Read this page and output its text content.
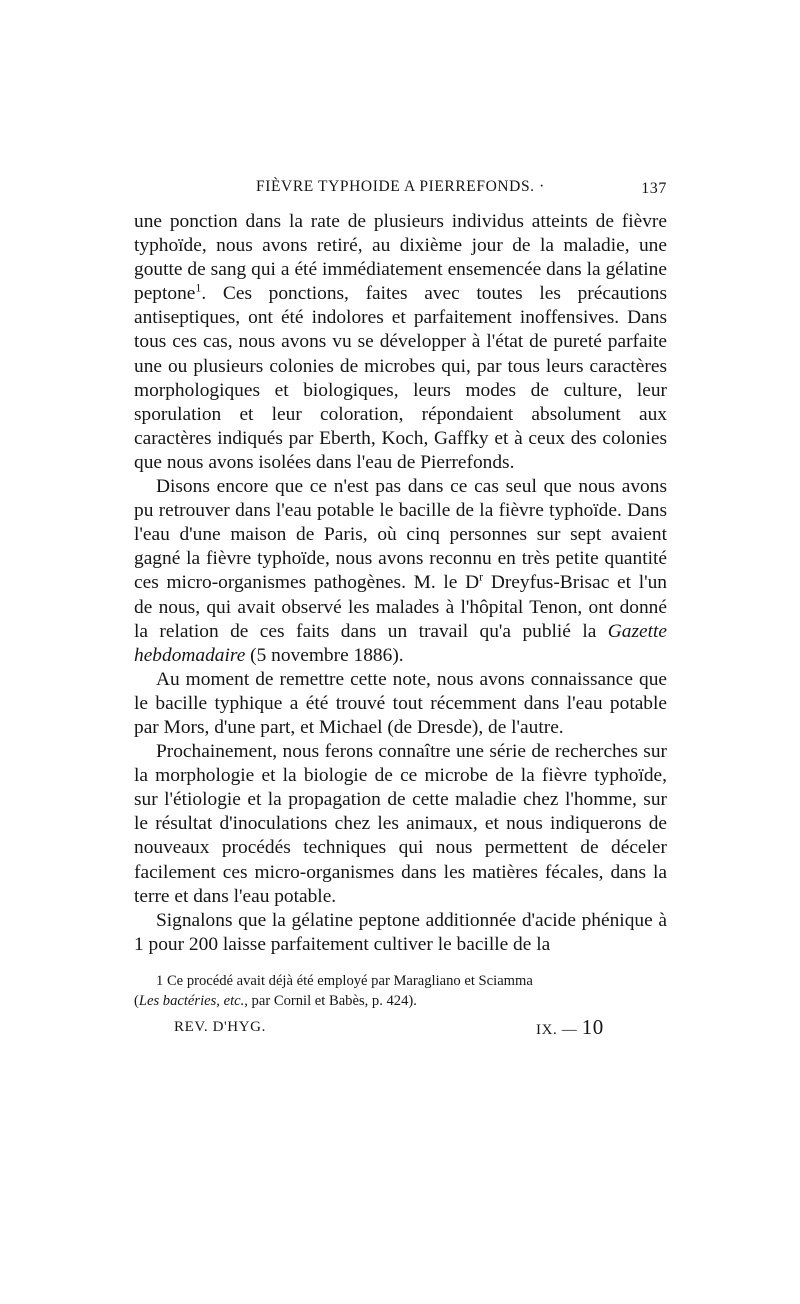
FIÈVRE TYPHOIDE A PIERREFONDS. ·	137

une ponction dans la rate de plusieurs individus atteints de fièvre typhoïde, nous avons retiré, au dixième jour de la maladie, une goutte de sang qui a été immédiatement ensemencée dans la gélatine peptone$^1$. Ces ponctions, faites avec toutes les précautions antiseptiques, ont été indolores et parfaitement inoffensives. Dans tous ces cas, nous avons vu se développer à l'état de pureté parfaite une ou plusieurs colonies de microbes qui, par tous leurs caractères morphologiques et biologiques, leurs modes de culture, leur sporulation et leur coloration, répondaient absolument aux caractères indiqués par Eberth, Koch, Gaffky et à ceux des colonies que nous avons isolées dans l'eau de Pierrefonds.

Disons encore que ce n'est pas dans ce cas seul que nous avons pu retrouver dans l'eau potable le bacille de la fièvre typhoïde. Dans l'eau d'une maison de Paris, où cinq personnes sur sept avaient gagné la fièvre typhoïde, nous avons reconnu en très petite quantité ces micro-organismes pathogènes. M. le $D^r$ Dreyfus-Brisac et l'un de nous, qui avait observé les malades à l'hôpital Tenon, ont donné la relation de ces faits dans un travail qu'a publié la Gazette hebdomadaire (5 novembre 1886).

Au moment de remettre cette note, nous avons connaissance que le bacille typhique a été trouvé tout récemment dans l'eau potable par Mors, d'une part, et Michael (de Dresde), de l'autre.

Prochainement, nous ferons connaître une série de recherches sur la morphologie et la biologie de ce microbe de la fièvre typhoïde, sur l'étiologie et la propagation de cette maladie chez l'homme, sur le résultat d'inoculations chez les animaux, et nous indiquerons de nouveaux procédés techniques qui nous permettent de déceler facilement ces micro-organismes dans les matières fécales, dans la terre et dans l'eau potable.

Signalons que la gélatine peptone additionnée d'acide phénique à 1 pour 200 laisse parfaitement cultiver le bacille de la

1 Ce procédé avait déjà été employé par Maragliano et Sciamma

(Les bactéries, etc., par Cornil et Babès, p. 424).

REV. D'HYG.	IX. — 10
